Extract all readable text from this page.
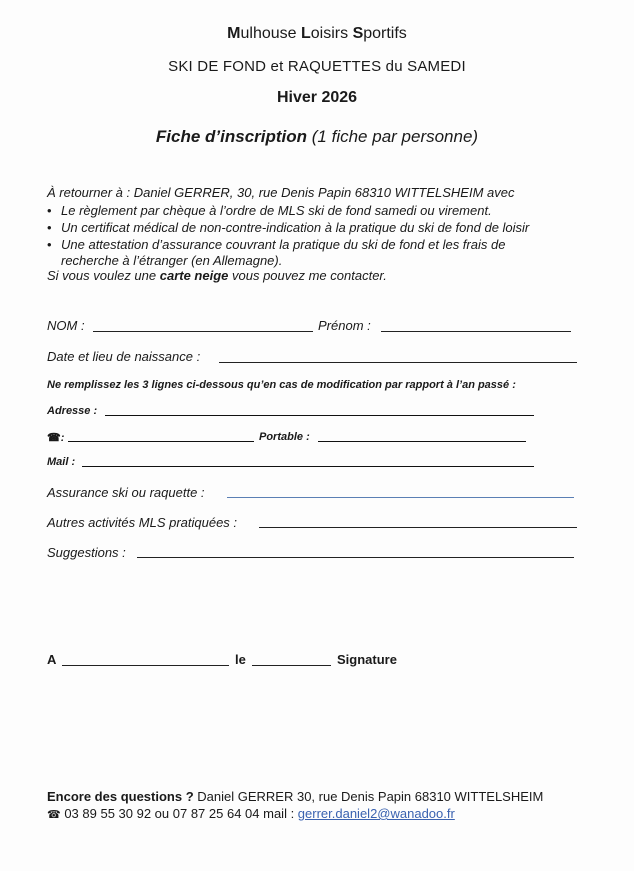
Mulhouse Loisirs Sportifs
SKI DE FOND et RAQUETTES du SAMEDI
Hiver 2026
Fiche d’inscription (1 fiche par personne)
À retourner à : Daniel GERRER, 30, rue Denis Papin 68310 WITTELSHEIM avec
• Le règlement par chèque à l’ordre de MLS ski de fond samedi ou virement.
• Un certificat médical de non-contre-indication à la pratique du ski de fond de loisir
• Une attestation d’assurance couvrant la pratique du ski de fond et les frais de
recherche à l’étranger (en Allemagne).
Si vous voulez une carte neige vous pouvez me contacter.
NOM :	Prénom :
Date et lieu de naissance :
Ne remplissez les 3 lignes ci-dessous qu’en cas de modification par rapport à l’an passé :
Adresse :
☎:	Portable :
Mail :
Assurance ski ou raquette :
Autres activités MLS pratiquées :
Suggestions :
A	le	Signature
Encore des questions ? Daniel GERRER 30, rue Denis Papin 68310 WITTELSHEIM
☎ 03 89 55 30 92 ou 07 87 25 64 04 mail : gerrer.daniel2@wanadoo.fr
